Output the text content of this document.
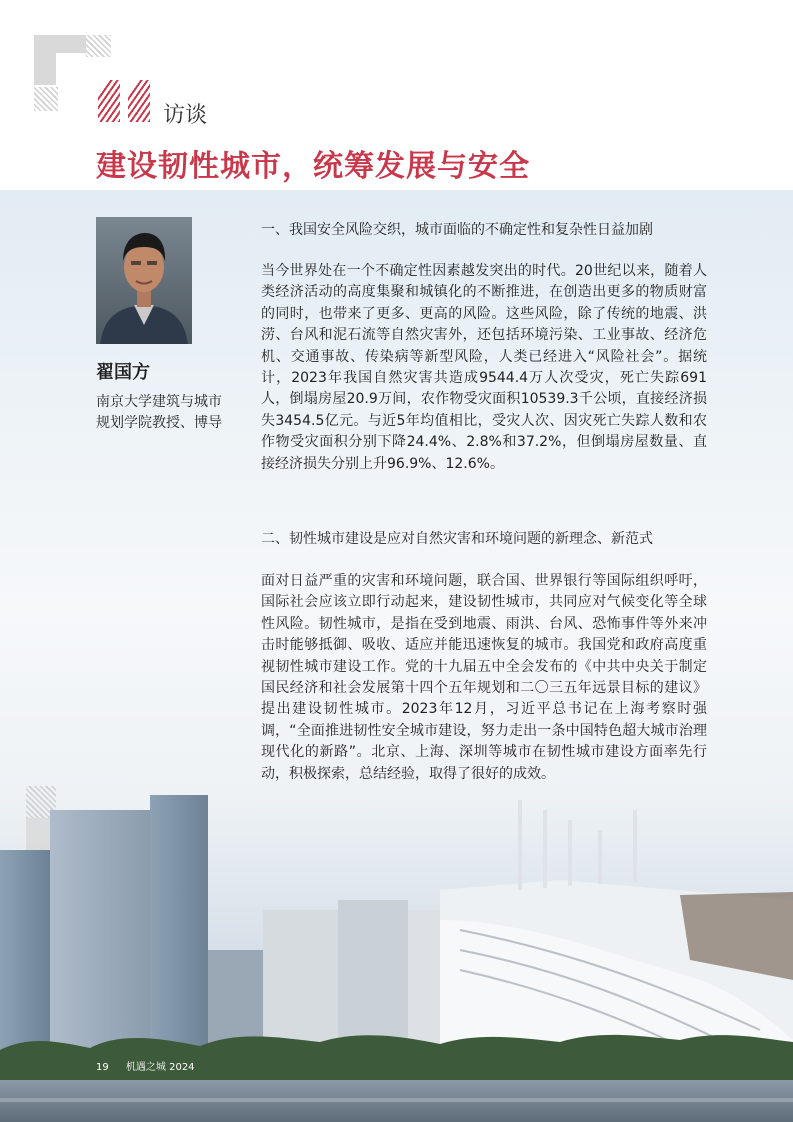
访谈
建设韧性城市，统筹发展与安全
翟国方
南京大学建筑与城市规划学院教授、博导
一、我国安全风险交织，城市面临的不确定性和复杂性日益加剧
当今世界处在一个不确定性因素越发突出的时代。20世纪以来，随着人类经济活动的高度集聚和城镇化的不断推进，在创造出更多的物质财富的同时，也带来了更多、更高的风险。这些风险，除了传统的地震、洪涝、台风和泥石流等自然灾害外，还包括环境污染、工业事故、经济危机、交通事故、传染病等新型风险，人类已经进入“风险社会”。据统计，2023年我国自然灾害共造成9544.4万人次受灾，死亡失踪691人，倒塌房屋20.9万间，农作物受灾面积10539.3千公顷，直接经济损失3454.5亿元。与近5年均值相比，受灾人次、因灾死亡失踪人数和农作物受灾面积分别下降24.4%、2.8%和37.2%，但倒塌房屋数量、直接经济损失分别上升96.9%、12.6%。
二、韧性城市建设是应对自然灾害和环境问题的新理念、新范式
面对日益严重的灾害和环境问题，联合国、世界银行等国际组织呼吁，国际社会应该立即行动起来，建设韧性城市，共同应对气候变化等全球性风险。韧性城市，是指在受到地震、雨洪、台风、恐怖事件等外来冲击时能够抵御、吸收、适应并能迅速恢复的城市。我国党和政府高度重视韧性城市建设工作。党的十九届五中全会发布的《中共中央关于制定国民经济和社会发展第十四个五年规划和二〇三五年远景目标的建议》提出建设韧性城市。2023年12月，习近平总书记在上海考察时强调，“全面推进韧性安全城市建设，努力走出一条中国特色超大城市治理现代化的新路”。北京、上海、深圳等城市在韧性城市建设方面率先行动，积极探索，总结经验，取得了很好的成效。
19 机遇之城 2024
